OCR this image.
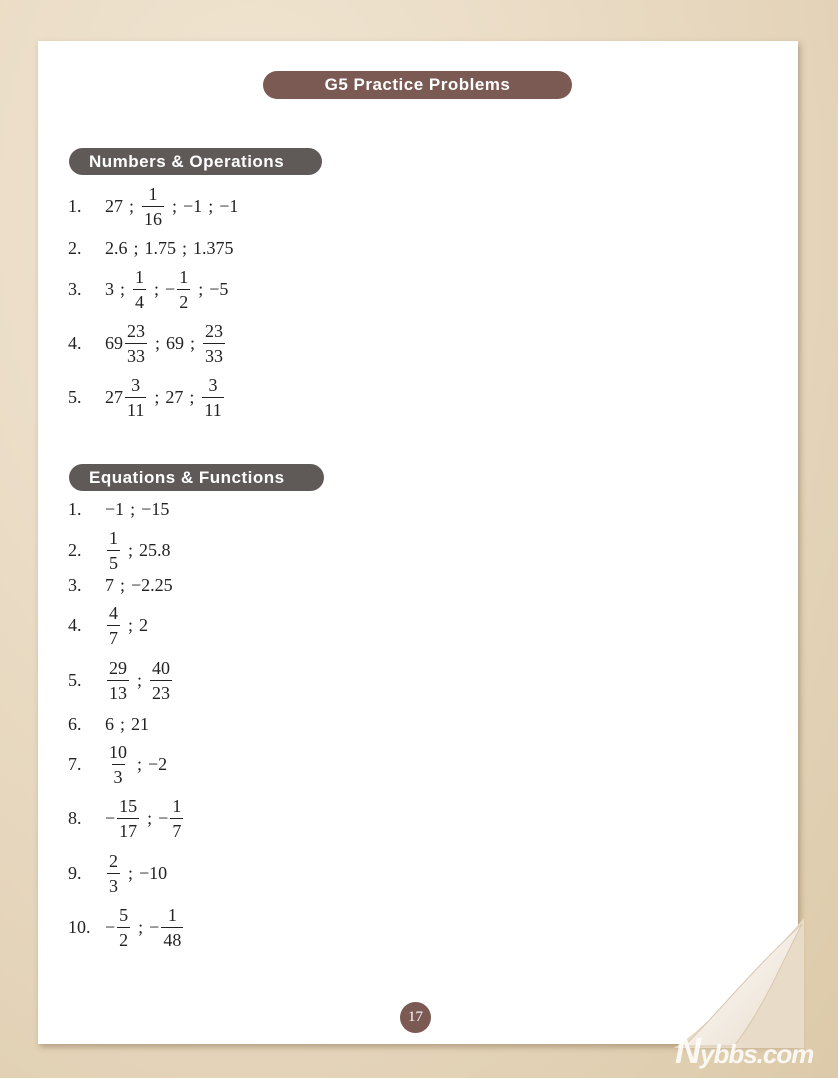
G5 Practice Problems
Numbers & Operations
Equations & Functions
1.	27 ; $\frac{1}{16}$ ; −1 ; −1
2.	2.6 ; 1.75 ; 1.375
3.	3 ; $\frac{1}{4}$ ; − $\frac{1}{2}$ ; −5
4.	$69 \frac{23}{33}$ ; 69 ; $\frac{23}{33}$
5.	$27 \frac{3}{11}$ ; 27 ; $\frac{3}{11}$
1.	−1 ; −15
2.	$\frac{1}{5}$ ; 25.8
3.	7 ; −2.25
4.	$\frac{4}{7}$ ; 2
5.	$\frac{29}{13}$ ; $\frac{40}{23}$
6.	6 ; 21
7.	$\frac{10}{3}$ ; −2
8.	− $\frac{15}{17}$ ; − $\frac{1}{7}$
9.	$\frac{2}{3}$ ; −10
10. − $\frac{5}{2}$ ; − $\frac{1}{48}$
17
Nybbs.com
